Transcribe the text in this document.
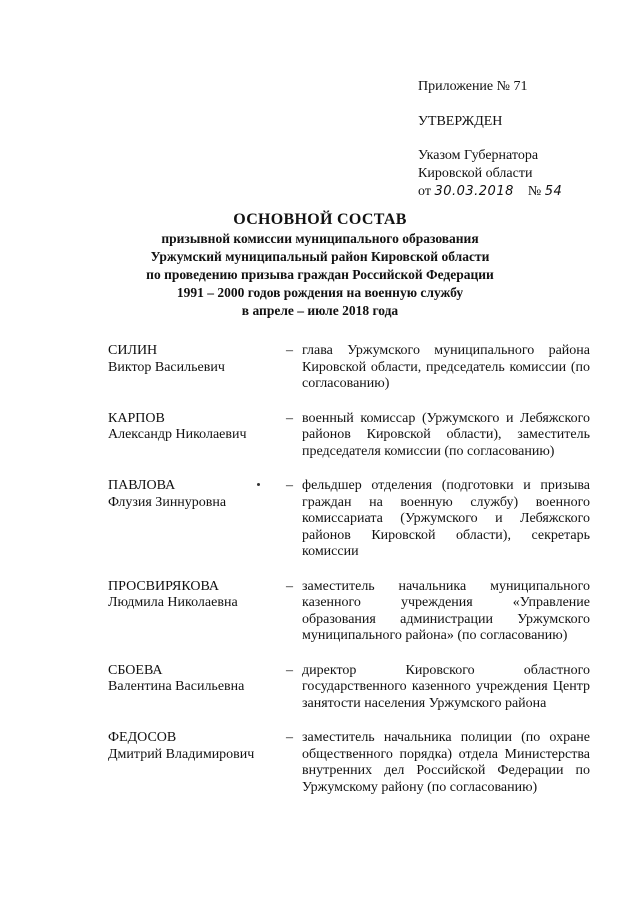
Приложение № 71
УТВЕРЖДЕН
Указом Губернатора
Кировской области
от 30.03.2018 № 54
ОСНОВНОЙ СОСТАВ
призывной комиссии муниципального образования
Уржумский муниципальный район Кировской области
по проведению призыва граждан Российской Федерации
1991 – 2000 годов рождения на военную службу
в апреле – июле 2018 года
СИЛИН
Виктор Васильевич
– глава Уржумского муниципального района Кировской области, председатель комиссии (по согласованию)
КАРПОВ
Александр Николаевич
– военный комиссар (Уржумского и Лебяжского районов Кировской области), заместитель председателя комиссии (по согласованию)
ПАВЛОВА
Флузия Зиннуровна
– фельдшер отделения (подготовки и призыва граждан на военную службу) военного комиссариата (Уржумского и Лебяжского районов Кировской области), секретарь комиссии
ПРОСВИРЯКОВА
Людмила Николаевна
– заместитель начальника муниципального казенного учреждения «Управление образования администрации Уржумского муниципального района» (по согласованию)
СБОЕВА
Валентина Васильевна
– директор Кировского областного государственного казенного учреждения Центр занятости населения Уржумского района
ФЕДОСОВ
Дмитрий Владимирович
– заместитель начальника полиции (по охране общественного порядка) отдела Министерства внутренних дел Российской Федерации по Уржумскому району (по согласованию)
